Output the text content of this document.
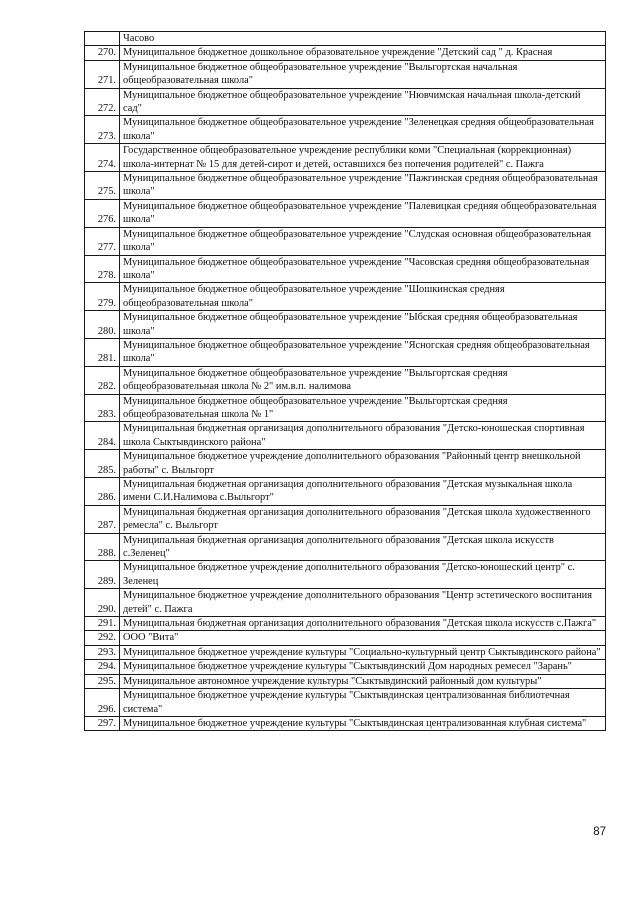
	Часово
270.	Муниципальное бюджетное дошкольное образовательное учреждение "Детский сад " д. Красная
271.	Муниципальное бюджетное общеобразовательное учреждение "Выльгортская начальная общеобразовательная школа"
272.	Муниципальное бюджетное общеобразовательное учреждение "Нювчимская начальная школа-детский сад"
273.	Муниципальное бюджетное общеобразовательное учреждение "Зеленецкая средняя общеобразовательная школа"
274.	Государственное общеобразовательное учреждение республики коми "Специальная (коррекционная) школа-интернат № 15 для детей-сирот и детей, оставшихся без попечения родителей" с. Пажга
275.	Муниципальное бюджетное общеобразовательное учреждение "Пажгинская средняя общеобразовательная школа"
276.	Муниципальное бюджетное общеобразовательное учреждение "Палевицкая средняя общеобразовательная школа"
277.	Муниципальное бюджетное общеобразовательное учреждение "Слудская основная общеобразовательная школа"
278.	Муниципальное бюджетное общеобразовательное учреждение "Часовская средняя общеобразовательная школа"
279.	Муниципальное бюджетное общеобразовательное учреждение "Шошкинская средняя общеобразовательная школа"
280.	Муниципальное бюджетное общеобразовательное учреждение "Ыбская средняя общеобразовательная школа"
281.	Муниципальное бюджетное общеобразовательное учреждение "Ясногская средняя общеобразовательная школа"
282.	Муниципальное бюджетное общеобразовательное учреждение "Выльгортская средняя общеобразовательная школа № 2" им.в.п. налимова
283.	Муниципальное бюджетное общеобразовательное учреждение "Выльгортская средняя общеобразовательная школа № 1"
284.	Муниципальная бюджетная организация дополнительного образования "Детско-юношеская спортивная школа Сыктывдинского района"
285.	Муниципальное бюджетное учреждение дополнительного образования "Районный центр внешкольной работы" с. Выльгорт
286.	Муниципальная бюджетная организация дополнительного образования "Детская музыкальная школа имени С.И.Налимова с.Выльгорт"
287.	Муниципальная бюджетная организация дополнительного образования "Детская школа художественного ремесла" с. Выльгорт
288.	Муниципальная бюджетная организация дополнительного образования "Детская школа искусств с.Зеленец"
289.	Муниципальное бюджетное учреждение дополнительного образования "Детско-юношеский центр" с. Зеленец
290.	Муниципальное бюджетное учреждение дополнительного образования "Центр эстетического воспитания детей" с. Пажга
291.	Муниципальная бюджетная организация дополнительного образования "Детская школа искусств с.Пажга"
292.	ООО "Вита"
293.	Муниципальное бюджетное учреждение культуры "Социально-культурный центр Сыктывдинского района"
294.	Муниципальное бюджетное учреждение культуры "Сыктывдинский Дом народных ремесел "Зарань"
295.	Муниципальное автономное учреждение культуры "Сыктывдинский районный дом культуры"
296.	Муниципальное бюджетное учреждение культуры "Сыктывдинская централизованная библиотечная система"
297.	Муниципальное бюджетное учреждение культуры "Сыктывдинская централизованная клубная система"
87
